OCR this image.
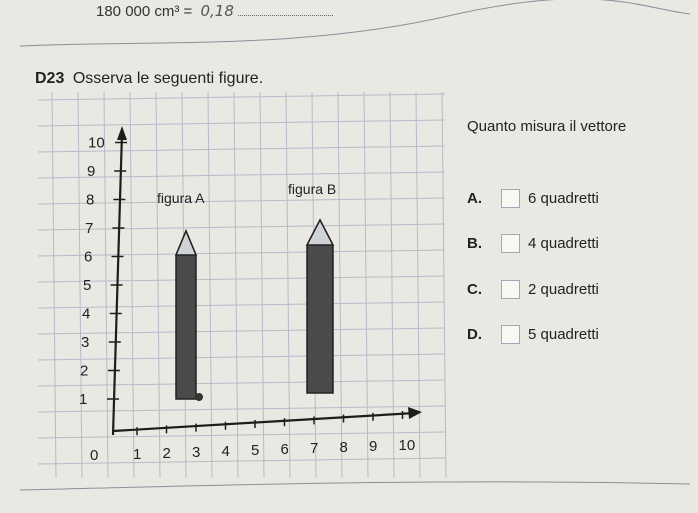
180 000 cm³ = 0,18
D23 Osserva le seguenti figure.
0 1 2 3 4 5 6 7 8 9 10
1
2
3
4
5
6
7
8
9
10
figura A
figura B
Quanto misura il vettore
A.	6 quadretti
B.	4 quadretti
C.	2 quadretti
D.	5 quadretti
